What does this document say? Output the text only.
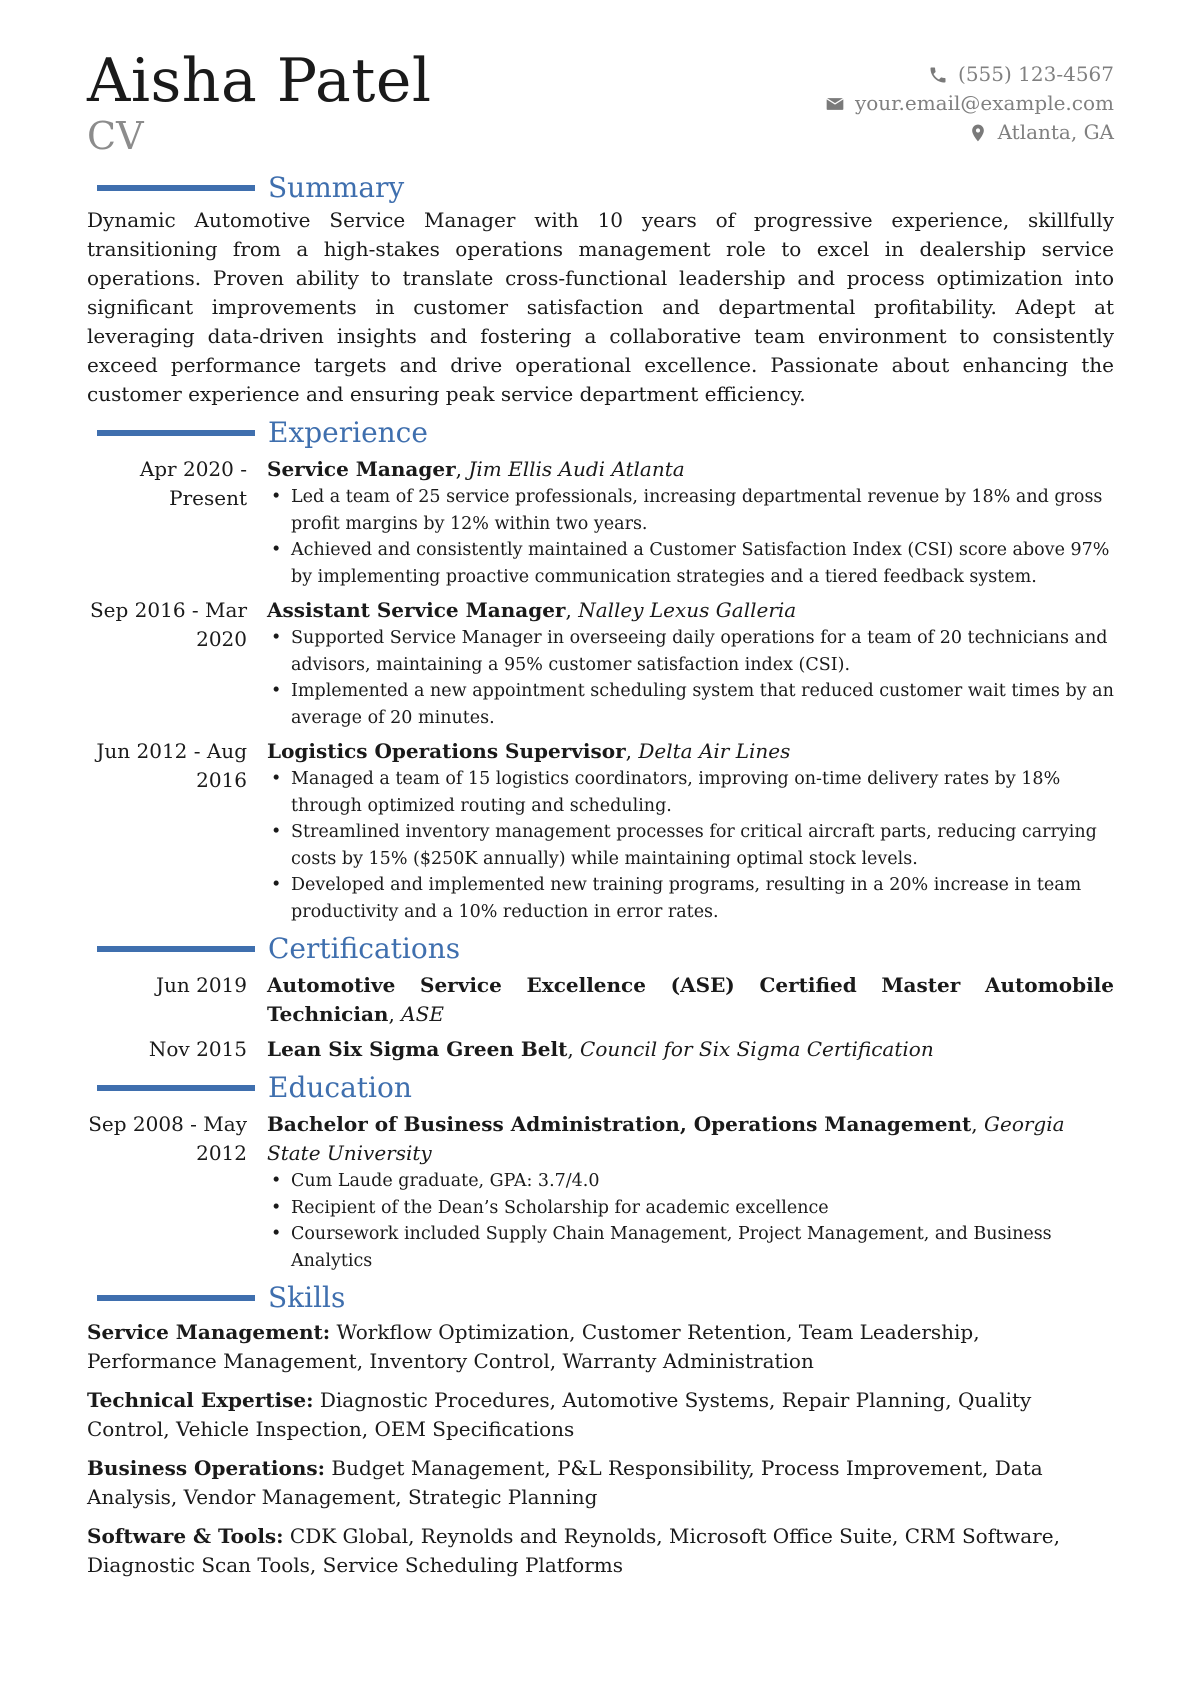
Aisha Patel
CV
(555) 123-4567
your.email@example.com
Atlanta, GA
Summary
Dynamic Automotive Service Manager with 10 years of progressive experience, skillfully transitioning from a high-stakes operations management role to excel in dealership service operations. Proven ability to translate cross-functional leadership and process optimization into significant improvements in customer satisfaction and departmental profitability. Adept at leveraging data-driven insights and fostering a collaborative team environment to consistently exceed performance targets and drive operational excellence. Passionate about enhancing the customer experience and ensuring peak service department efficiency.
Experience
Apr 2020 - Present
Service Manager, Jim Ellis Audi Atlanta
• Led a team of 25 service professionals, increasing departmental revenue by 18% and gross profit margins by 12% within two years.
• Achieved and consistently maintained a Customer Satisfaction Index (CSI) score above 97% by implementing proactive communication strategies and a tiered feedback system.
Sep 2016 - Mar 2020
Assistant Service Manager, Nalley Lexus Galleria
• Supported Service Manager in overseeing daily operations for a team of 20 technicians and advisors, maintaining a 95% customer satisfaction index (CSI).
• Implemented a new appointment scheduling system that reduced customer wait times by an average of 20 minutes.
Jun 2012 - Aug 2016
Logistics Operations Supervisor, Delta Air Lines
• Managed a team of 15 logistics coordinators, improving on-time delivery rates by 18% through optimized routing and scheduling.
• Streamlined inventory management processes for critical aircraft parts, reducing carrying costs by 15% ($250K annually) while maintaining optimal stock levels.
• Developed and implemented new training programs, resulting in a 20% increase in team productivity and a 10% reduction in error rates.
Certifications
Jun 2019	Automotive Service Excellence (ASE) Certified Master Automobile Technician, ASE
Nov 2015	Lean Six Sigma Green Belt, Council for Six Sigma Certification
Education
Sep 2008 - May 2012
Bachelor of Business Administration, Operations Management, Georgia State University
• Cum Laude graduate, GPA: 3.7/4.0
• Recipient of the Dean’s Scholarship for academic excellence
• Coursework included Supply Chain Management, Project Management, and Business Analytics
Skills
Service Management: Workflow Optimization, Customer Retention, Team Leadership, Performance Management, Inventory Control, Warranty Administration
Technical Expertise: Diagnostic Procedures, Automotive Systems, Repair Planning, Quality Control, Vehicle Inspection, OEM Specifications
Business Operations: Budget Management, P&L Responsibility, Process Improvement, Data Analysis, Vendor Management, Strategic Planning
Software & Tools: CDK Global, Reynolds and Reynolds, Microsoft Office Suite, CRM Software, Diagnostic Scan Tools, Service Scheduling Platforms
